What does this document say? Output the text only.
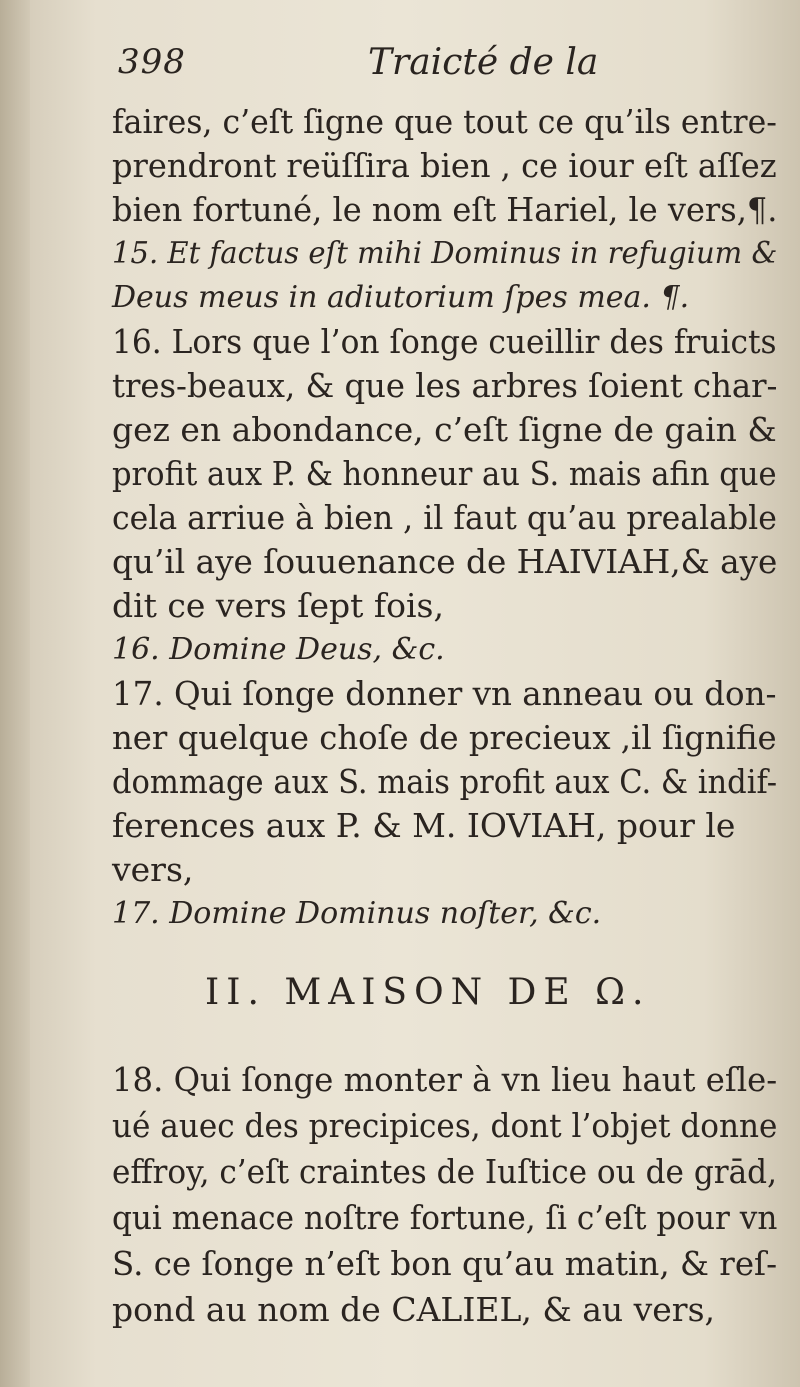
398	Traicté de la
faires, c’eſt ſigne que tout ce qu’ils entre-
prendront reüſſira bien , ce iour eſt aſſez
bien fortuné, le nom eſt Hariel, le vers,¶.
15. Et factus eſt mihi Dominus in refugium &
Deus meus in adiutorium ſpes mea. ¶.
16. Lors que l’on ſonge cueillir des fruicts
tres-beaux, & que les arbres ſoient char-
gez en abondance, c’eſt ſigne de gain &
profit aux P. & honneur au S. mais afin que
cela arriue à bien , il faut qu’au prealable
qu’il aye ſouuenance de HAIVIAH,& aye
dit ce vers ſept fois,
16. Domine Deus, &c.
17. Qui ſonge donner vn anneau ou don-
ner quelque choſe de precieux ,il ſignifie
dommage aux S. mais profit aux C. & indif-
ferences aux P. & M. IOVIAH, pour le
vers,
17. Domine Dominus noſter, &c.
II. MAISON DE Ω.
18. Qui ſonge monter à vn lieu haut eſle-
ué auec des precipices, dont l’objet donne
effroy, c’eſt craintes de Iuſtice ou de grād,
qui menace noſtre fortune, ſi c’eſt pour vn
S. ce ſonge n’eſt bon qu’au matin, & reſ-
pond au nom de CALIEL, & au vers,
